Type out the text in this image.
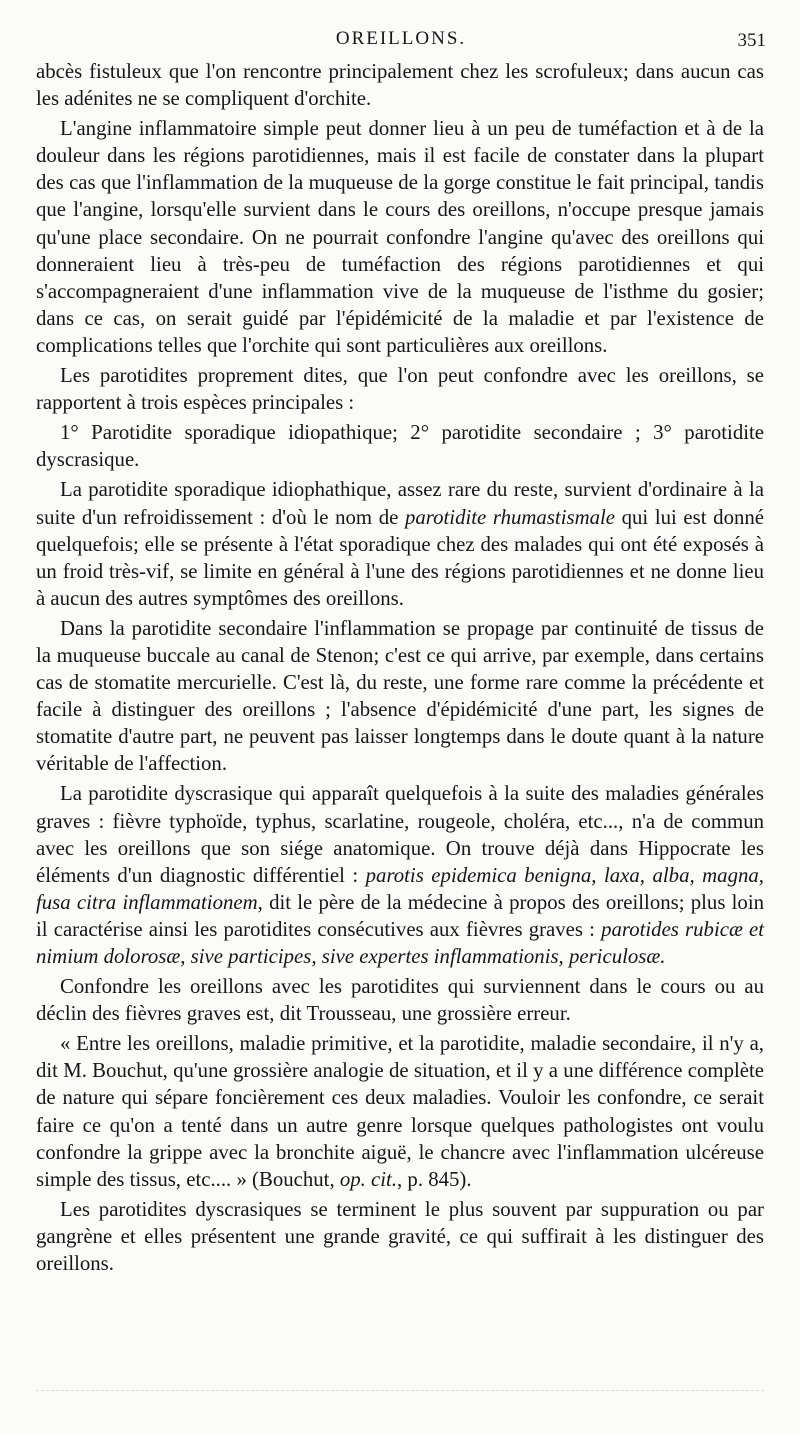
OREILLONS.	351

abcès fistuleux que l'on rencontre principalement chez les scrofuleux; dans aucun cas les adénites ne se compliquent d'orchite.

L'angine inflammatoire simple peut donner lieu à un peu de tuméfaction et à de la douleur dans les régions parotidiennes, mais il est facile de constater dans la plupart des cas que l'inflammation de la muqueuse de la gorge constitue le fait principal, tandis que l'angine, lorsqu'elle survient dans le cours des oreillons, n'occupe presque jamais qu'une place secondaire. On ne pourrait confondre l'angine qu'avec des oreillons qui donneraient lieu à très-peu de tuméfaction des régions parotidiennes et qui s'accompagneraient d'une inflammation vive de la muqueuse de l'isthme du gosier; dans ce cas, on serait guidé par l'épidémicité de la maladie et par l'existence de complications telles que l'orchite qui sont particulières aux oreillons.

Les parotidites proprement dites, que l'on peut confondre avec les oreillons, se rapportent à trois espèces principales :

1° Parotidite sporadique idiopathique; 2° parotidite secondaire ; 3° parotidite dyscrasique.

La parotidite sporadique idiophathique, assez rare du reste, survient d'ordinaire à la suite d'un refroidissement : d'où le nom de parotidite rhumastismale qui lui est donné quelquefois; elle se présente à l'état sporadique chez des malades qui ont été exposés à un froid très-vif, se limite en général à l'une des régions parotidiennes et ne donne lieu à aucun des autres symptômes des oreillons.

Dans la parotidite secondaire l'inflammation se propage par continuité de tissus de la muqueuse buccale au canal de Stenon; c'est ce qui arrive, par exemple, dans certains cas de stomatite mercurielle. C'est là, du reste, une forme rare comme la précédente et facile à distinguer des oreillons ; l'absence d'épidémicité d'une part, les signes de stomatite d'autre part, ne peuvent pas laisser longtemps dans le doute quant à la nature véritable de l'affection.

La parotidite dyscrasique qui apparaît quelquefois à la suite des maladies générales graves : fièvre typhoïde, typhus, scarlatine, rougeole, choléra, etc..., n'a de commun avec les oreillons que son siége anatomique. On trouve déjà dans Hippocrate les éléments d'un diagnostic différentiel : parotis epidemica benigna, laxa, alba, magna, fusa citra inflammationem, dit le père de la médecine à propos des oreillons; plus loin il caractérise ainsi les parotidites consécutives aux fièvres graves : parotides rubicæ et nimium dolorosæ, sive participes, sive expertes inflammationis, periculosæ.

Confondre les oreillons avec les parotidites qui surviennent dans le cours ou au déclin des fièvres graves est, dit Trousseau, une grossière erreur.

« Entre les oreillons, maladie primitive, et la parotidite, maladie secondaire, il n'y a, dit M. Bouchut, qu'une grossière analogie de situation, et il y a une différence complète de nature qui sépare foncièrement ces deux maladies. Vouloir les confondre, ce serait faire ce qu'on a tenté dans un autre genre lorsque quelques pathologistes ont voulu confondre la grippe avec la bronchite aiguë, le chancre avec l'inflammation ulcéreuse simple des tissus, etc.... » (Bouchut, op. cit., p. 845).

Les parotidites dyscrasiques se terminent le plus souvent par suppuration ou par gangrène et elles présentent une grande gravité, ce qui suffirait à les distinguer des oreillons.
